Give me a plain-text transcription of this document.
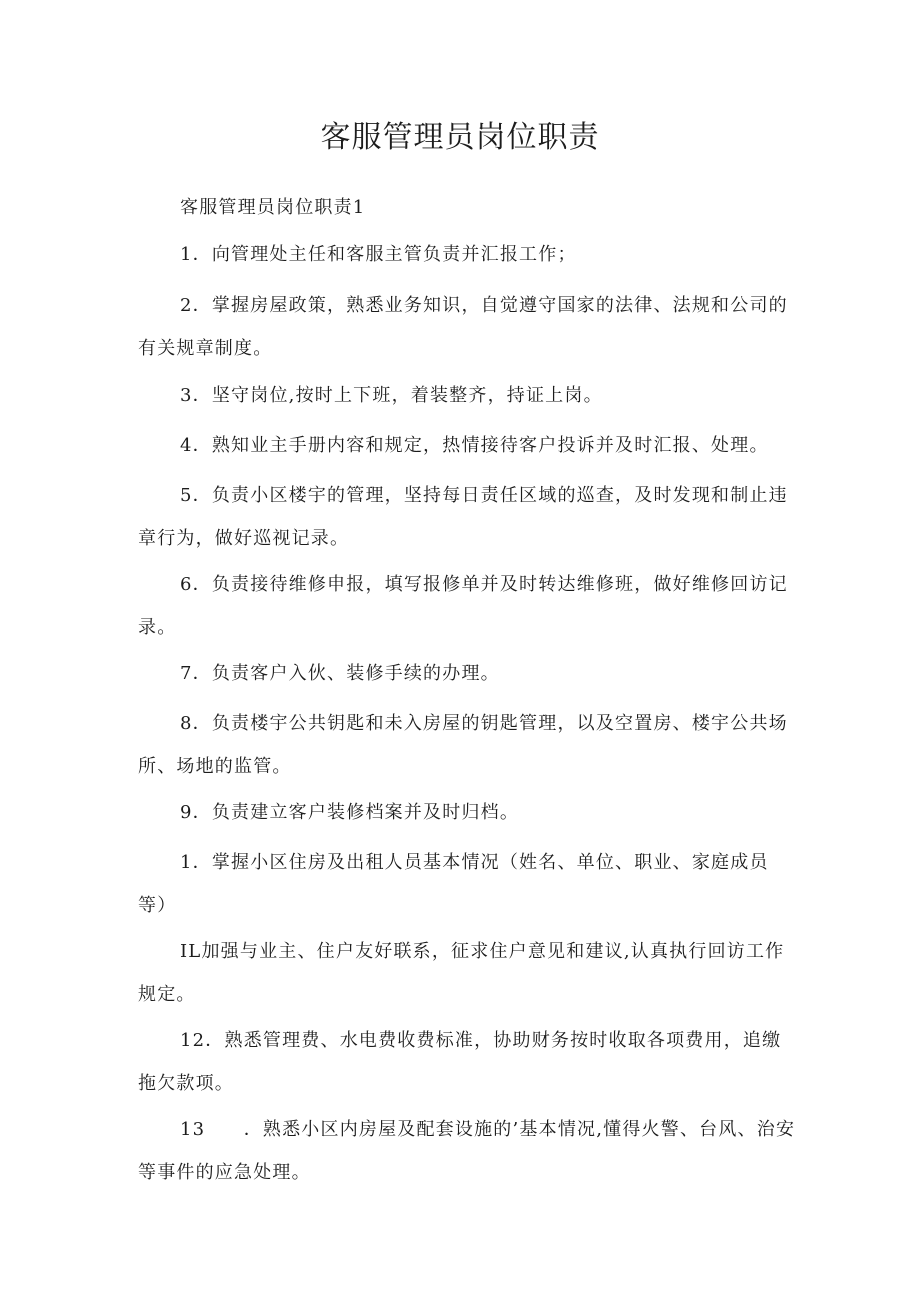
客服管理员岗位职责

客服管理员岗位职责1

1．向管理处主任和客服主管负责并汇报工作；

2．掌握房屋政策，熟悉业务知识，自觉遵守国家的法律、法规和公司的有关规章制度。

3．坚守岗位,按时上下班，着装整齐，持证上岗。

4．熟知业主手册内容和规定，热情接待客户投诉并及时汇报、处理。

5．负责小区楼宇的管理，坚持每日责任区域的巡查，及时发现和制止违章行为，做好巡视记录。

6．负责接待维修申报，填写报修单并及时转达维修班，做好维修回访记录。

7．负责客户入伙、装修手续的办理。

8．负责楼宇公共钥匙和未入房屋的钥匙管理，以及空置房、楼宇公共场所、场地的监管。

9．负责建立客户装修档案并及时归档。

1．掌握小区住房及出租人员基本情况（姓名、单位、职业、家庭成员等）

IL加强与业主、住户友好联系，征求住户意见和建议,认真执行回访工作规定。

12．熟悉管理费、水电费收费标准，协助财务按时收取各项费用，追缴拖欠款项。

13　　．熟悉小区内房屋及配套设施的’基本情况,懂得火警、台风、治安等事件的应急处理。
